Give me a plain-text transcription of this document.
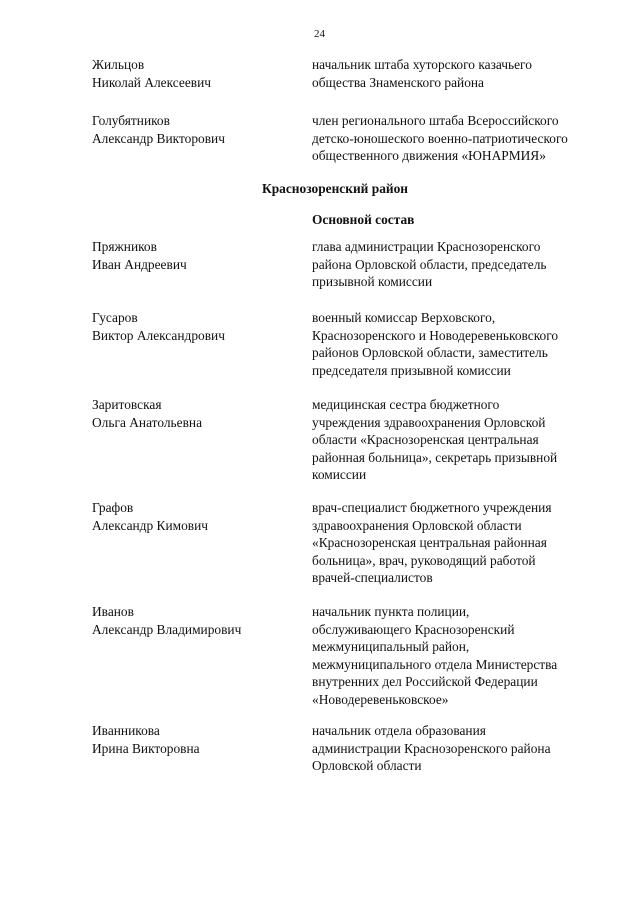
24
Жильцов
Николай Алексеевич
начальник штаба хуторского казачьего
общества Знаменского района
Голубятников
Александр Викторович
член регионального штаба Всероссийского
детско-юношеского военно-патриотического
общественного движения «ЮНАРМИЯ»
Краснозоренский район
Основной состав
Пряжников
Иван Андреевич
глава администрации Краснозоренского
района Орловской области, председатель
призывной комиссии
Гусаров
Виктор Александрович
военный комиссар Верховского,
Краснозоренского и Новодеревеньковского
районов Орловской области, заместитель
председателя призывной комиссии
Заритовская
Ольга Анатольевна
медицинская сестра бюджетного
учреждения здравоохранения Орловской
области «Краснозоренская центральная
районная больница», секретарь призывной
комиссии
Графов
Александр Кимович
врач-специалист бюджетного учреждения
здравоохранения Орловской области
«Краснозоренская центральная районная
больница», врач, руководящий работой
врачей-специалистов
Иванов
Александр Владимирович
начальник пункта полиции,
обслуживающего Краснозоренский
межмуниципальный район,
межмуниципального отдела Министерства
внутренних дел Российской Федерации
«Новодеревеньковское»
Иванникова
Ирина Викторовна
начальник отдела образования
администрации Краснозоренского района
Орловской области
